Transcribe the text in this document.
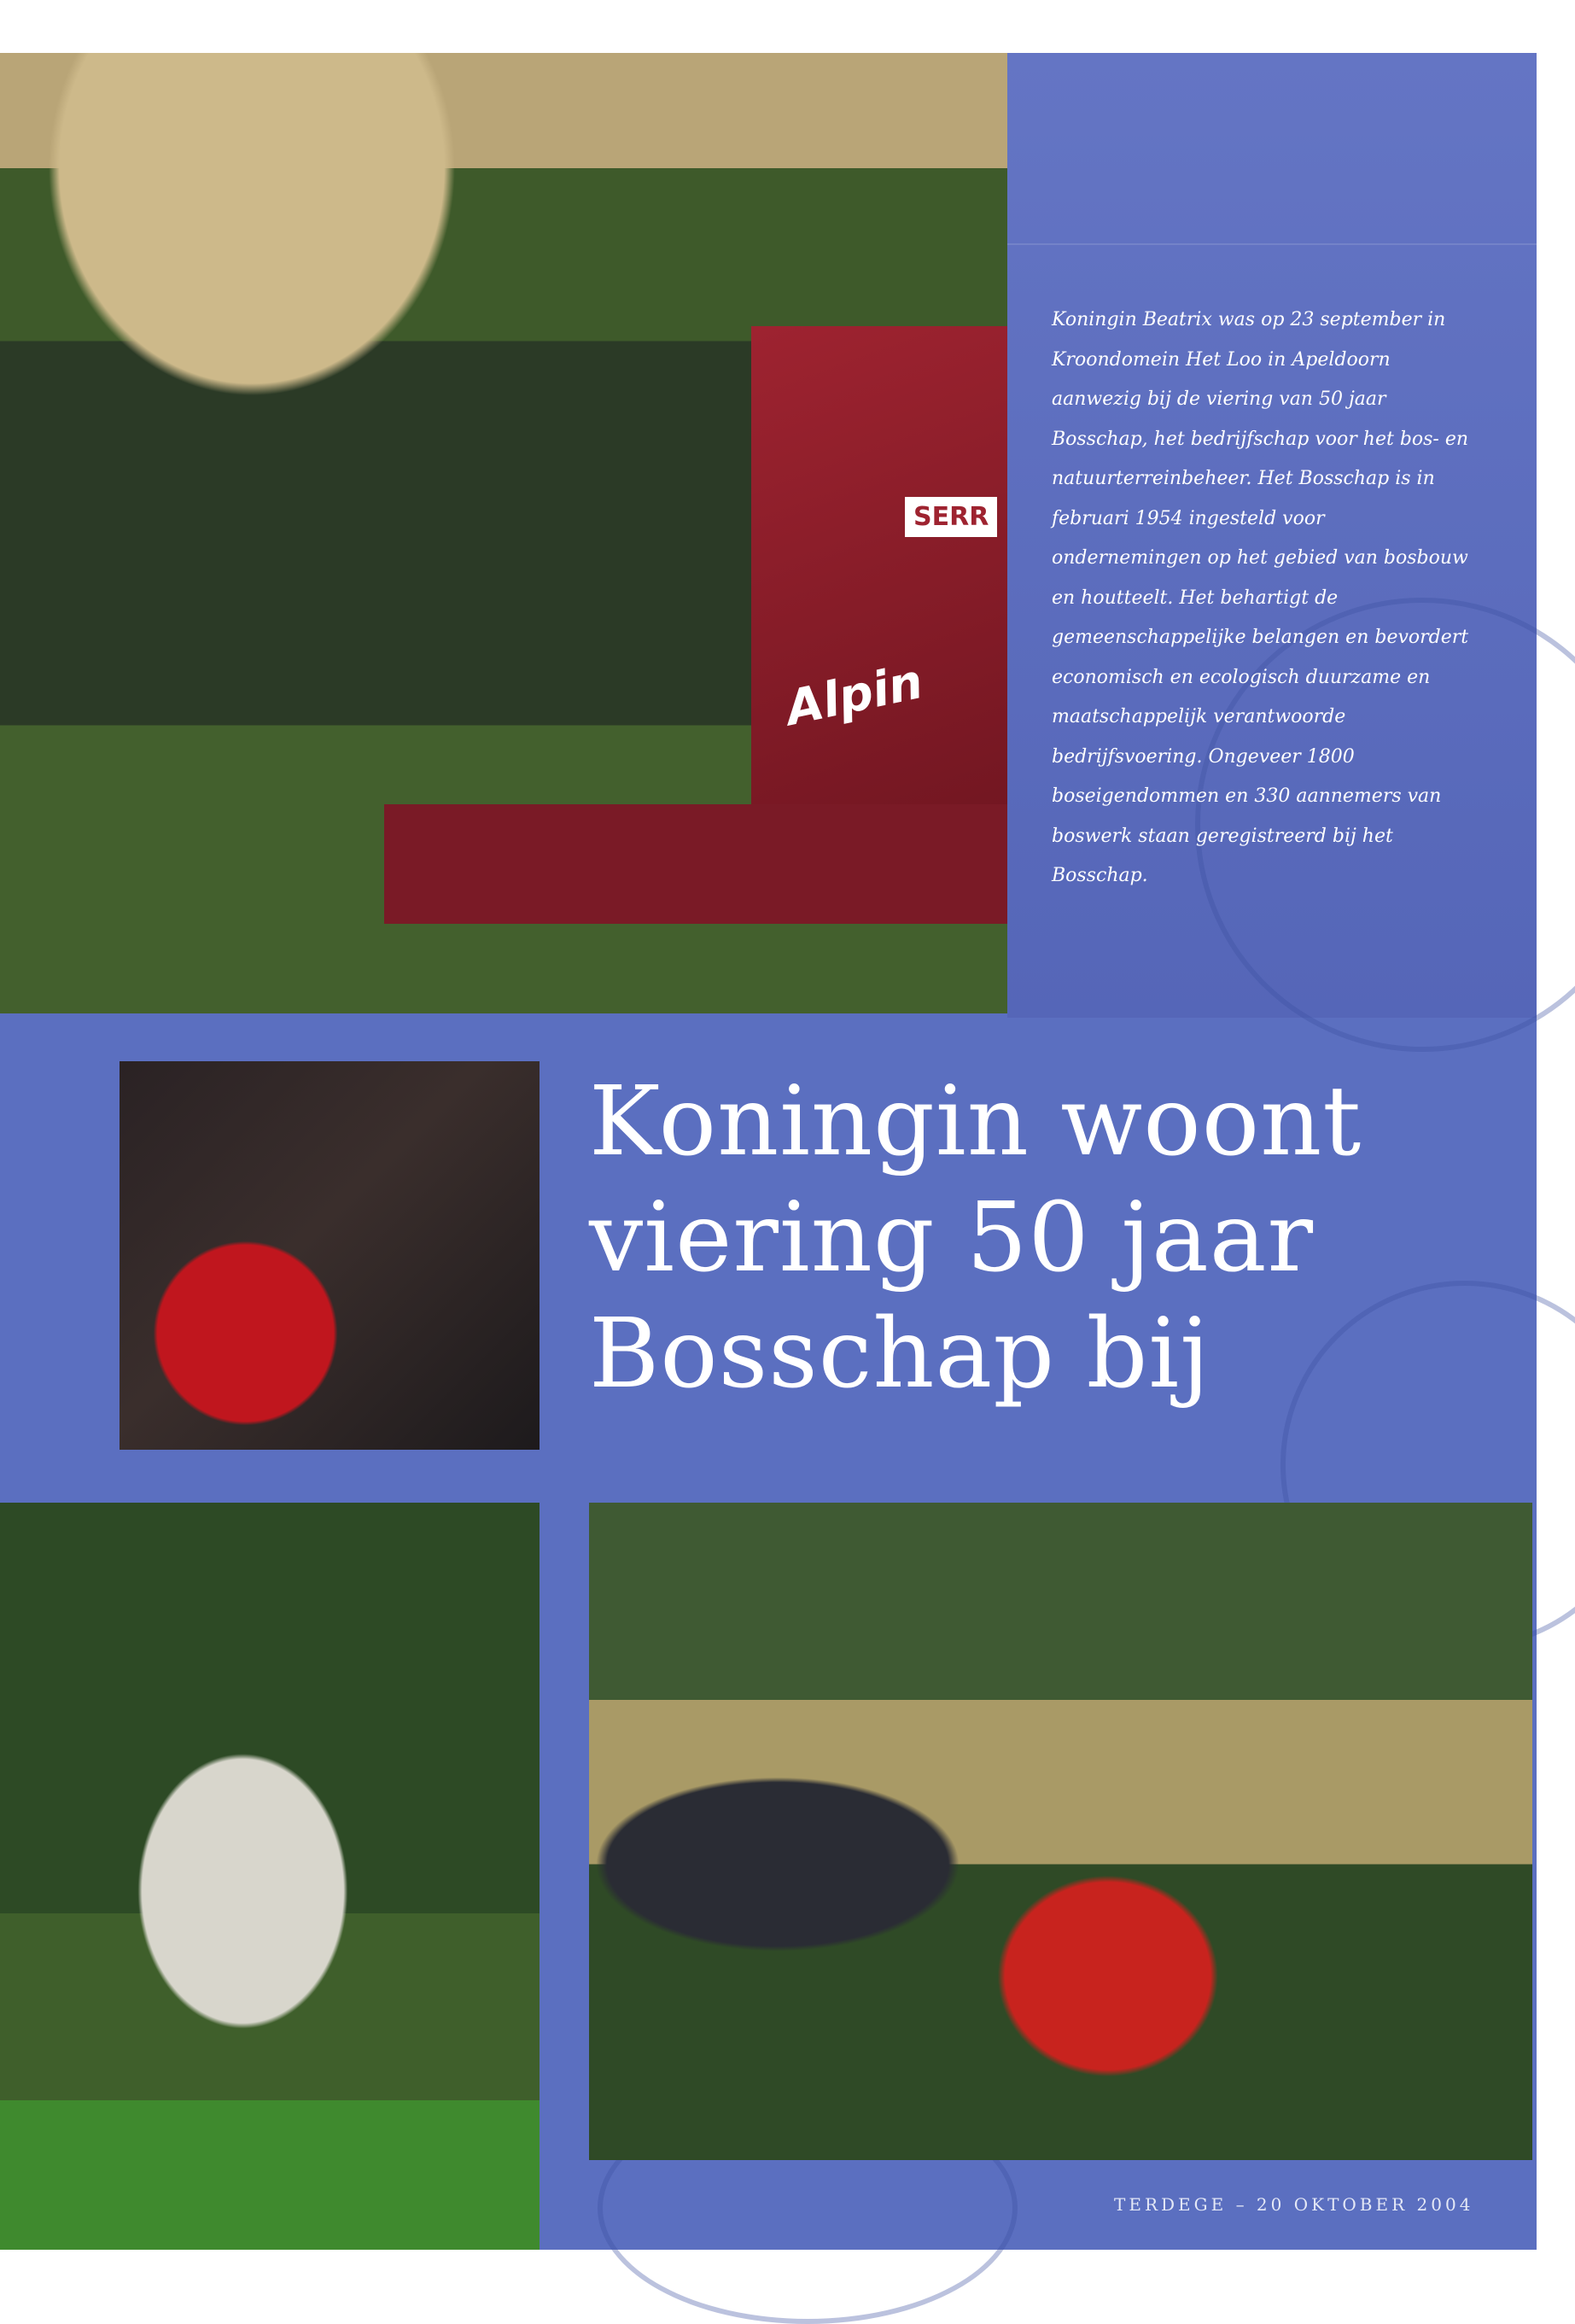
SERR
Alpin

Koningin Beatrix was op 23 september in Kroondomein Het Loo in Apeldoorn aanwezig bij de viering van 50 jaar Bosschap, het bedrijfschap voor het bos- en natuurterreinbeheer. Het Bosschap is in februari 1954 ingesteld voor ondernemingen op het gebied van bosbouw en houtteelt. Het behartigt de gemeenschappelijke belangen en bevordert economisch en ecologisch duurzame en maatschappelijk verantwoorde bedrijfsvoering. Ongeveer 1800 boseigendommen en 330 aannemers van boswerk staan geregistreerd bij het Bosschap.

Koningin woont
viering 50 jaar
Bosschap bij
TERDEGE – 20 OKTOBER 2004
